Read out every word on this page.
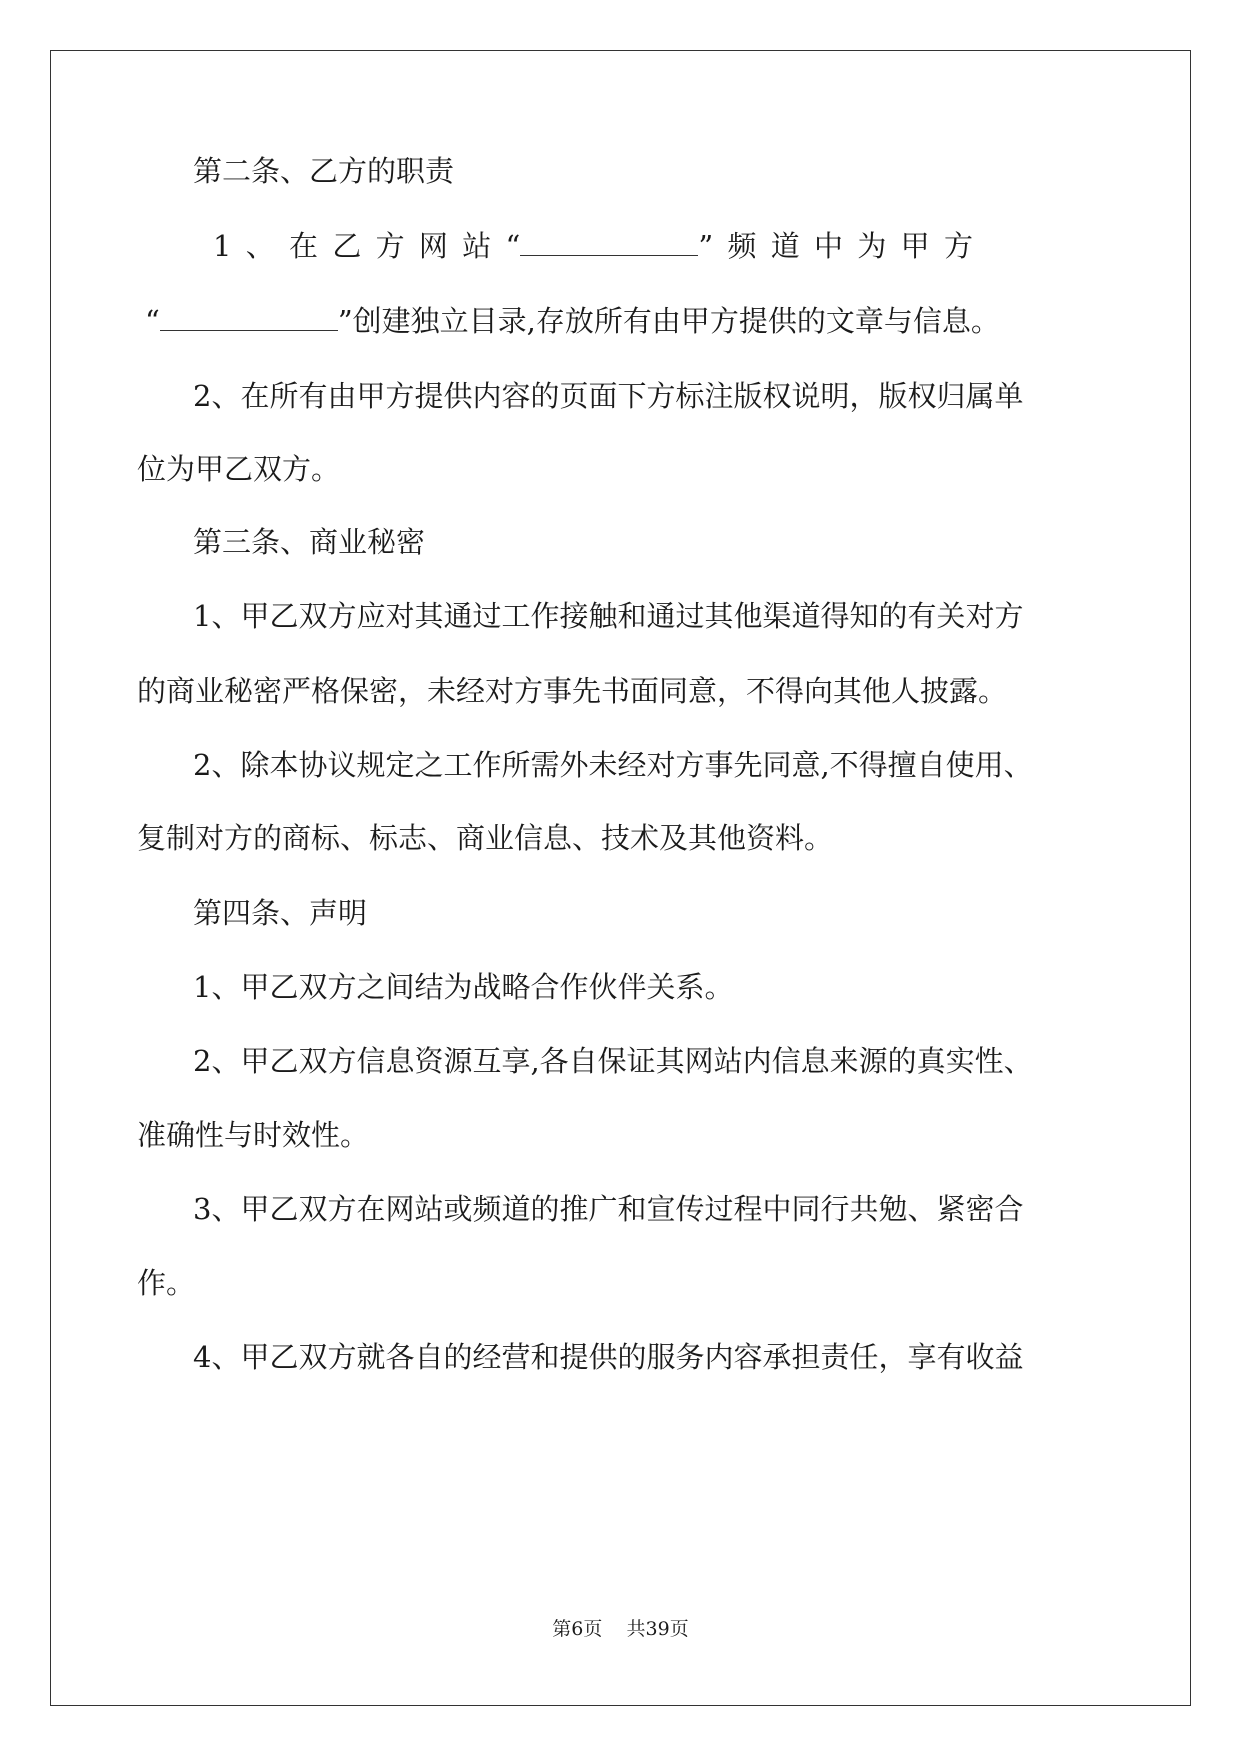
第二条、乙方的职责
1 、 在 乙 方 网 站 “	” 频 道 中 为 甲 方
“	”创建独立目录,存放所有由甲方提供的文章与信息。
2、在所有由甲方提供内容的页面下方标注版权说明，版权归属单
位为甲乙双方。
第三条、商业秘密
1、甲乙双方应对其通过工作接触和通过其他渠道得知的有关对方
的商业秘密严格保密，未经对方事先书面同意，不得向其他人披露。
2、除本协议规定之工作所需外未经对方事先同意,不得擅自使用、
复制对方的商标、标志、商业信息、技术及其他资料。
第四条、声明
1、甲乙双方之间结为战略合作伙伴关系。
2、甲乙双方信息资源互享,各自保证其网站内信息来源的真实性、
准确性与时效性。
3、甲乙双方在网站或频道的推广和宣传过程中同行共勉、紧密合
作。
4、甲乙双方就各自的经营和提供的服务内容承担责任，享有收益
第6页 共39页
